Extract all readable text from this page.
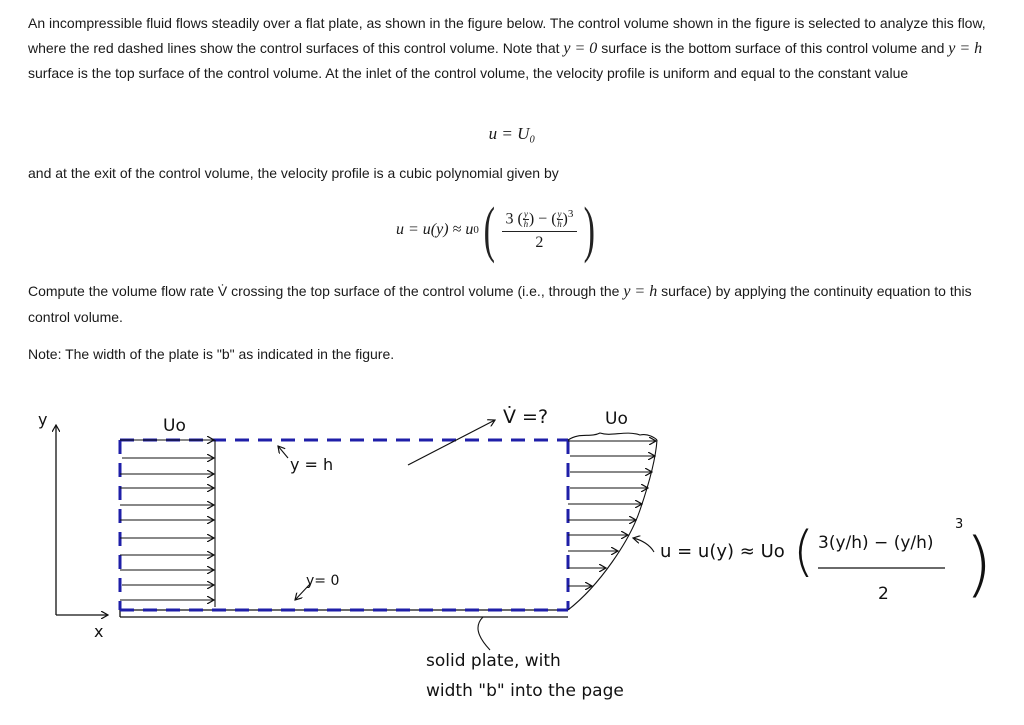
An incompressible fluid flows steadily over a flat plate, as shown in the figure below. The control volume shown in the figure is selected to analyze this flow, where the red dashed lines show the control surfaces of this control volume. Note that y = 0 surface is the bottom surface of this control volume and y = h surface is the top surface of the control volume. At the inlet of the control volume, the velocity profile is uniform and equal to the constant value
u = U₀
and at the exit of the control volume, the velocity profile is a cubic polynomial given by
u = u(y) ≈ u 0 ( $\frac{3 ( \frac{y}{h} ) - ( \frac{y}{h} )^3}{2}$ )
Compute the volume flow rate V̇ crossing the top surface of the control volume (i.e., through the y = h surface) by applying the continuity equation to this control volume.
Note: The width of the plate is "b" as indicated in the figure.
y
x
Uo
y = h
y= 0
V̇ =?	Uo
u = u(y) ≈ Uo ( 3(y/h) − (y/h)
3
2 )
solid plate, with
width "b" into the page
